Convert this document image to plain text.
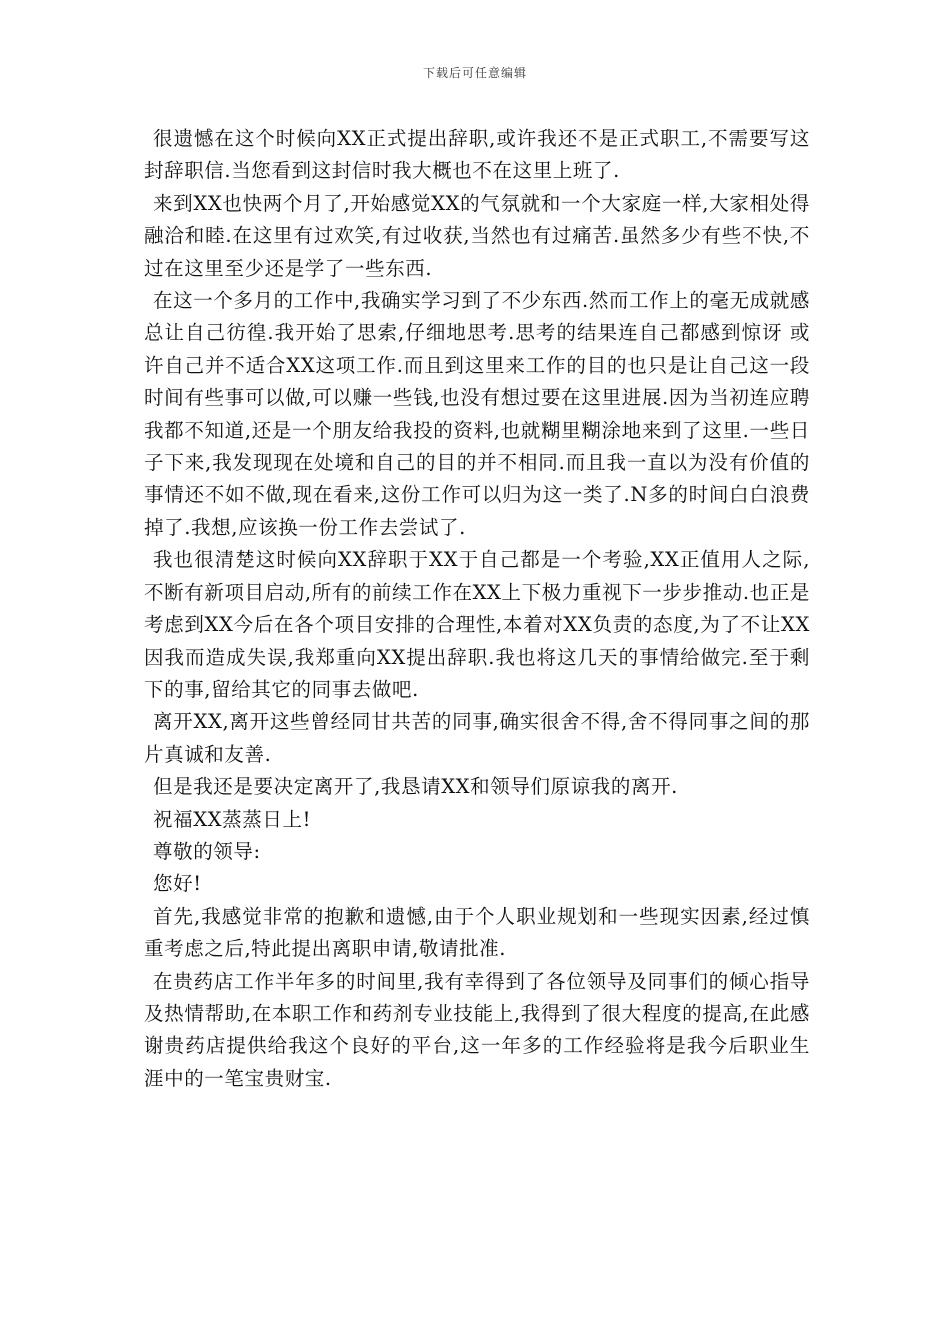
下载后可任意编辑

很遗憾在这个时候向XX正式提出辞职,或许我还不是正式职工,不需要写这封辞职信.当您看到这封信时我大概也不在这里上班了.

来到XX也快两个月了,开始感觉XX的气氛就和一个大家庭一样,大家相处得融洽和睦.在这里有过欢笑,有过收获,当然也有过痛苦.虽然多少有些不快,不过在这里至少还是学了一些东西.

在这一个多月的工作中,我确实学习到了不少东西.然而工作上的毫无成就感总让自己彷徨.我开始了思索,仔细地思考.思考的结果连自己都感到惊讶 或许自己并不适合XX这项工作.而且到这里来工作的目的也只是让自己这一段时间有些事可以做,可以赚一些钱,也没有想过要在这里进展.因为当初连应聘我都不知道,还是一个朋友给我投的资料,也就糊里糊涂地来到了这里.一些日子下来,我发现现在处境和自己的目的并不相同.而且我一直以为没有价值的事情还不如不做,现在看来,这份工作可以归为这一类了.N多的时间白白浪费掉了.我想,应该换一份工作去尝试了.

我也很清楚这时候向XX辞职于XX于自己都是一个考验,XX正值用人之际,不断有新项目启动,所有的前续工作在XX上下极力重视下一步步推动.也正是考虑到XX今后在各个项目安排的合理性,本着对XX负责的态度,为了不让XX因我而造成失误,我郑重向XX提出辞职.我也将这几天的事情给做完.至于剩下的事,留给其它的同事去做吧.

离开XX,离开这些曾经同甘共苦的同事,确实很舍不得,舍不得同事之间的那片真诚和友善.

但是我还是要决定离开了,我恳请XX和领导们原谅我的离开.

祝福XX蒸蒸日上!

尊敬的领导:

您好!

首先,我感觉非常的抱歉和遗憾,由于个人职业规划和一些现实因素,经过慎重考虑之后,特此提出离职申请,敬请批准.

在贵药店工作半年多的时间里,我有幸得到了各位领导及同事们的倾心指导及热情帮助,在本职工作和药剂专业技能上,我得到了很大程度的提高,在此感谢贵药店提供给我这个良好的平台,这一年多的工作经验将是我今后职业生涯中的一笔宝贵财宝.
